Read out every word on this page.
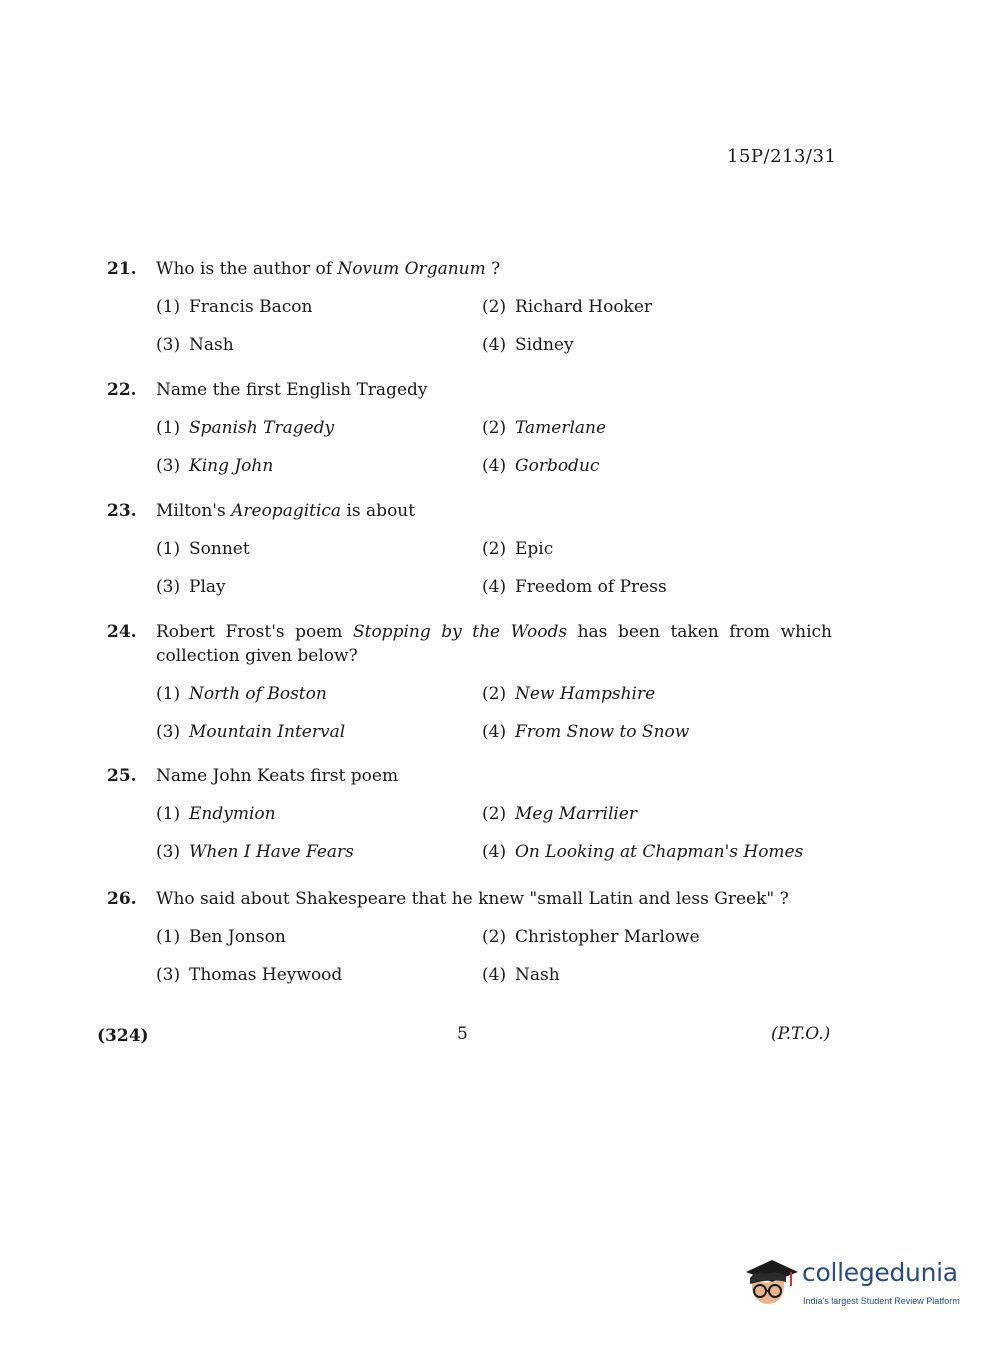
15P/213/31
21. Who is the author of Novum Organum ?
(1) Francis Bacon	(2) Richard Hooker
(3) Nash	(4) Sidney
22. Name the first English Tragedy
(1) Spanish Tragedy	(2) Tamerlane
(3) King John	(4) Gorboduc
23. Milton's Areopagitica is about
(1) Sonnet	(2) Epic
(3) Play	(4) Freedom of Press
24. Robert Frost's poem Stopping by the Woods has been taken from which collection given below?
(1) North of Boston	(2) New Hampshire
(3) Mountain Interval	(4) From Snow to Snow
25. Name John Keats first poem
(1) Endymion	(2) Meg Marrilier
(3) When I Have Fears	(4) On Looking at Chapman's Homes
26. Who said about Shakespeare that he knew "small Latin and less Greek" ?
(1) Ben Jonson	(2) Christopher Marlowe
(3) Thomas Heywood	(4) Nash
(324)	5	(P.T.O.)
collegedunia
India's largest Student Review Platform
